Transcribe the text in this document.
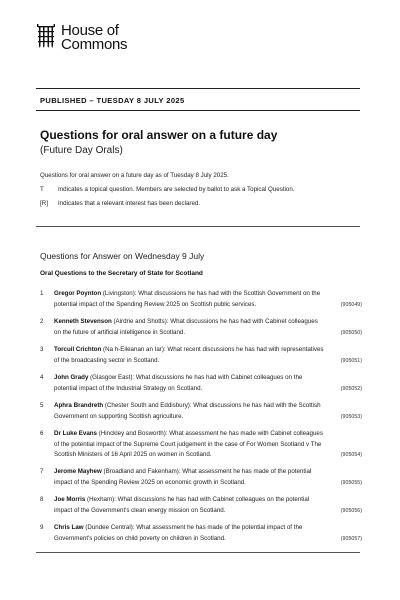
House of
Commons
PUBLISHED – TUESDAY 8 JULY 2025
Questions for oral answer on a future day
(Future Day Orals)
Questions for oral answer on a future day as of Tuesday 8 July 2025.
T	Indicates a topical question. Members are selected by ballot to ask a Topical Question.
[R]	Indicates that a relevant interest has been declared.
Questions for Answer on Wednesday 9 July
Oral Questions to the Secretary of State for Scotland
1	Gregor Poynton (Livingston): What discussions he has had with the Scottish Government on the potential impact of the Spending Review 2025 on Scottish public services.	(905049)
2	Kenneth Stevenson (Airdrie and Shotts): What discussions he has had with Cabinet colleagues on the future of artificial intelligence in Scotland.	(905050)
3	Torcuil Crichton (Na h-Eileanan an Iar): What recent discussions he has had with representatives of the broadcasting sector in Scotland.	(905051)
4	John Grady (Glasgow East): What discussions he has had with Cabinet colleagues on the potential impact of the Industrial Strategy on Scotland.	(905052)
5	Aphra Brandreth (Chester South and Eddisbury): What discussions he has had with the Scottish Government on supporting Scottish agriculture.	(905053)
6	Dr Luke Evans (Hinckley and Bosworth): What assessment he has made with Cabinet colleagues of the potential impact of the Supreme Court judgement in the case of For Women Scotland v The Scottish Ministers of 16 April 2025 on women in Scotland.	(905054)
7	Jerome Mayhew (Broadland and Fakenham): What assessment he has made of the potential impact of the Spending Review 2025 on economic growth in Scotland.	(905055)
8	Joe Morris (Hexham): What discussions he has had with Cabinet colleagues on the potential impact of the Government's clean energy mission on Scotland.	(905056)
9	Chris Law (Dundee Central): What assessment he has made of the potential impact of the Government's policies on child poverty on children in Scotland.	(905057)
